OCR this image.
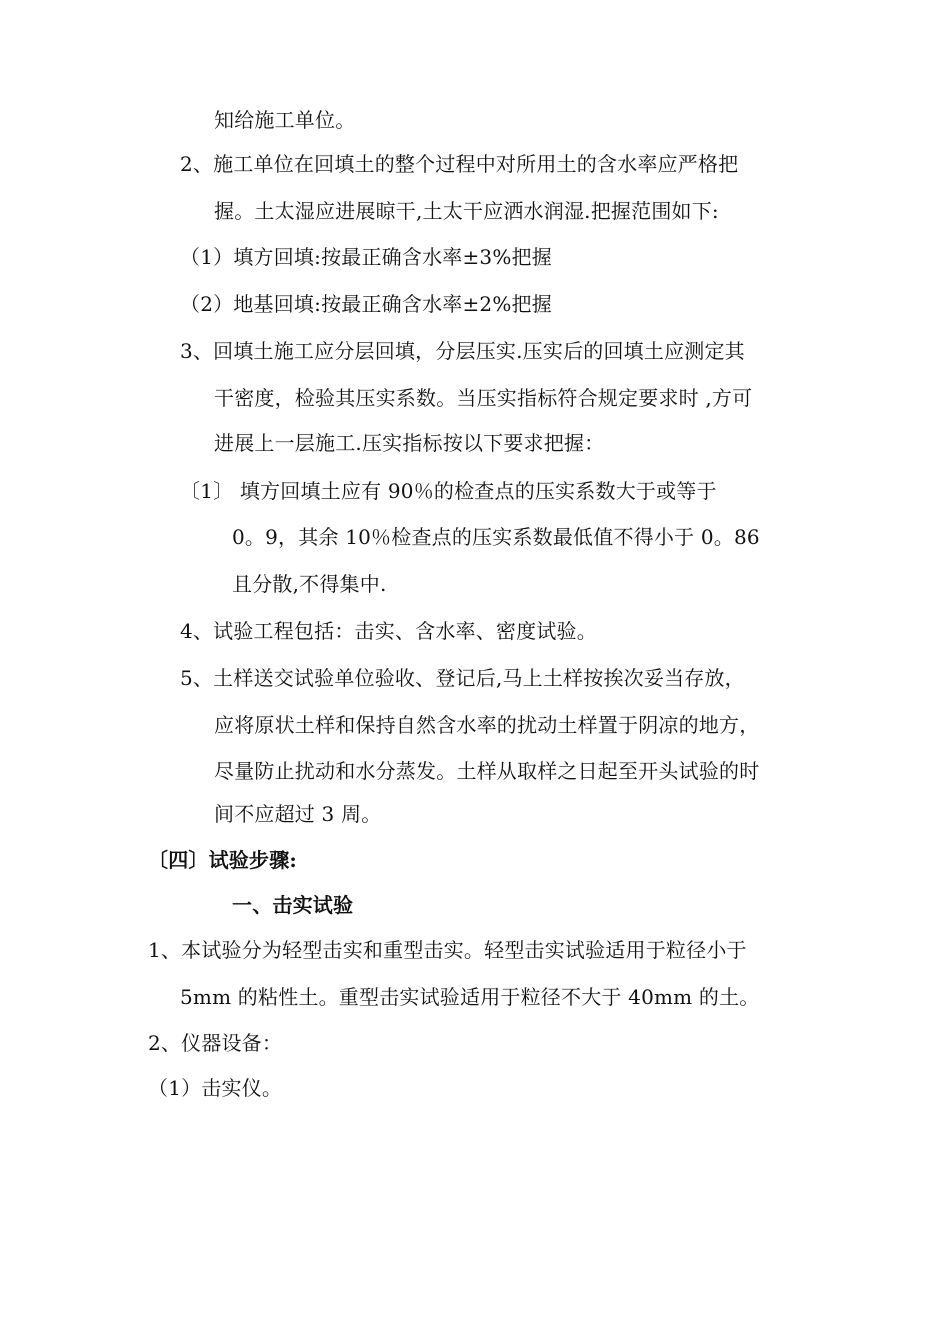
知给施工单位。
2、施工单位在回填土的整个过程中对所用土的含水率应严格把
握。土太湿应进展晾干,土太干应洒水润湿.把握范围如下:
（1）填方回填:按最正确含水率±3%把握
（2）地基回填:按最正确含水率±2%把握
3、回填土施工应分层回填，分层压实.压实后的回填土应测定其
干密度，检验其压实系数。当压实指标符合规定要求时 ,方可
进展上一层施工.压实指标按以下要求把握：
〔1〕 填方回填土应有 90％的检查点的压实系数大于或等于
0。9，其余 10％检查点的压实系数最低值不得小于 0。86
且分散,不得集中.
4、试验工程包括：击实、含水率、密度试验。
5、土样送交试验单位验收、登记后,马上土样按挨次妥当存放，
应将原状土样和保持自然含水率的扰动土样置于阴凉的地方，
尽量防止扰动和水分蒸发。土样从取样之日起至开头试验的时
间不应超过 3 周。
〔四〕试验步骤:
一、击实试验
1、本试验分为轻型击实和重型击实。轻型击实试验适用于粒径小于
5mm 的粘性土。重型击实试验适用于粒径不大于 40mm 的土。
2、仪器设备：
（1）击实仪。
